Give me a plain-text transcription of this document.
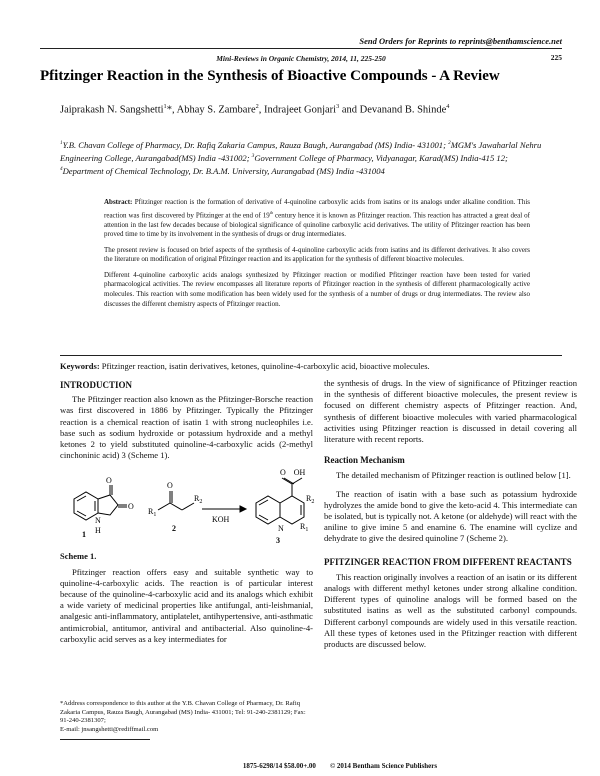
Send Orders for Reprints to reprints@benthamscience.net
Mini-Reviews in Organic Chemistry, 2014, 11, 225-250	225
Pfitzinger Reaction in the Synthesis of Bioactive Compounds - A Review
Jaiprakash N. Sangshetti$^1$*, Abhay S. Zambare$^2$, Indrajeet Gonjari$^3$ and Devanand B. Shinde$^4$
$^1$Y.B. Chavan College of Pharmacy, Dr. Rafiq Zakaria Campus, Rauza Baugh, Aurangabad (MS) India- 431001; $^2$MGM's Jawaharlal Nehru Engineering College, Aurangabad(MS) India -431002; $^3$Government College of Pharmacy, Vidyanagar, Karad(MS) India-415 12; $^4$Department of Chemical Technology, Dr. B.A.M. University, Aurangabad (MS) India -431004

Abstract: Pfitzinger reaction is the formation of derivative of 4-quinoline carboxylic acids from isatins or its analogs under alkaline condition. This reaction was first discovered by Pfitzinger at the end of 19th century hence it is known as Pfitzinger reaction. This reaction has attracted a great deal of attention in the last few decades because of biological significance of quinoline carboxylic acid derivatives. The utility of Pfitzinger reaction has been proved time to time by its involvement in the synthesis of drugs or drug intermediates.

The present review is focused on brief aspects of the synthesis of 4-quinoline carboxylic acids from isatins and its different derivatives. It also covers the literature on modification of original Pfitzinger reaction and its application for the synthesis of different bioactive molecules.

Different 4-quinoline carboxylic acids analogs synthesized by Pfitzinger reaction or modified Pfitzinger reaction have been tested for varied pharmacological activities. The review encompasses all literature reports of Pfitzinger reaction in the synthesis of different pharmacologically active molecules. This reaction with some modification has been widely used for the synthesis of a number of drugs or drug intermediates. The review also discusses the different chemistry aspects of Pfitzinger reaction.

Keywords: Pfitzinger reaction, isatin derivatives, ketones, quinoline-4-carboxylic acid, bioactive molecules.
INTRODUCTION

The Pfitzinger reaction also known as the Pfitzinger-Borsche reaction was first discovered in 1886 by Pfitzinger. Typically the Pfitzinger reaction is a chemical reaction of isatin 1 with strong nucleophiles i.e. base such as sodium hydroxide or potassium hydroxide and a methyl ketones 2 to yield substituted quinoline-4-carboxylic acids (2-methyl cinchoninic acid) 3 (Scheme 1).

O
O
N
H
1
O
$R_1$
$R_2$
2
KOH
O    OH
$R_2$
N $R_1$
3
Scheme 1.

Pfitzinger reaction offers easy and suitable synthetic way to quinoline-4-carboxylic acids. The reaction is of particular interest because of the quinoline-4-carboxylic acid and its analogs which exhibit a wide variety of medicinal properties like antifungal, anti-leishmanial, analgesic anti-inflammatory, antiplatelet, antihypertensive, anti-asthmatic antimicrobial, antitumor, antiviral and antibacterial. Also quinoline-4-carboxylic acid serves as a key intermediates for

the synthesis of drugs. In the view of significance of Pfitzinger reaction in the synthesis of different bioactive molecules, the present review is focused on different chemistry aspects of Pfitzinger reaction. And, synthesis of different bioactive molecules with varied pharmacological activities using Pfitzinger reaction is discussed in detail covering all literature with recent reports.

Reaction Mechanism

The detailed mechanism of Pfitzinger reaction is outlined below [1].

The reaction of isatin with a base such as potassium hydroxide hydrolyzes the amide bond to give the keto-acid 4. This intermediate can be isolated, but is typically not. A ketone (or aldehyde) will react with the aniline to give imine 5 and enamine 6. The enamine will cyclize and dehydrate to give the desired quinoline 7 (Scheme 2).

PFITZINGER REACTION FROM DIFFERENT REACTANTS

This reaction originally involves a reaction of an isatin or its different analogs with different methyl ketones under strong alkaline condition. Different types of quinoline analogs will be formed based on the substituted isatins as well as the substituted carbonyl compounds. Different carbonyl compounds are widely used in this versatile reaction. All these types of ketones used in the Pfitzinger reaction with different products are discussed below.

*Address correspondence to this author at the Y.B. Chavan College of Pharmacy, Dr. Rafiq Zakaria Campus, Rauza Baugh, Aurangabad (MS) India- 431001; Tel: 91-240-2381129; Fax: 91-240-2381307;
E-mail: jnsangshetti@rediffmail.com
1875-6298/14 $58.00+.00 © 2014 Bentham Science Publishers
